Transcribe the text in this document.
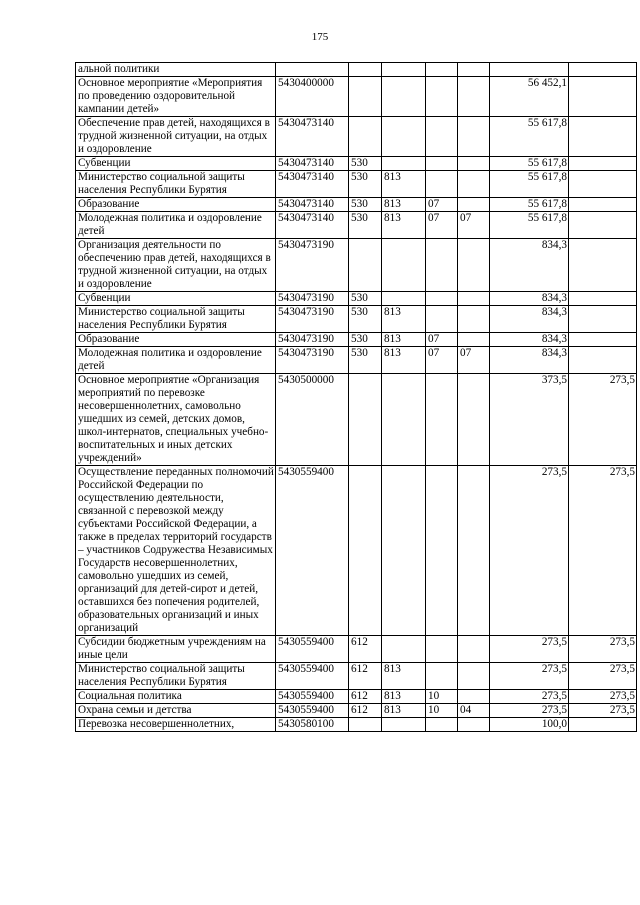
175
альной политики							
Основное мероприятие «Мероприятия по проведению оздоровительной кампании детей»	5430400000					56 452,1	
Обеспечение прав детей, находящихся в трудной жизненной ситуации, на отдых и оздоровление	5430473140					55 617,8	
Субвенции	5430473140	530				55 617,8	
Министерство социальной защиты населения Республики Бурятия	5430473140	530	813			55 617,8	
Образование	5430473140	530	813	07		55 617,8	
Молодежная политика и оздоровление детей	5430473140	530	813	07	07	55 617,8	
Организация деятельности по обеспечению прав детей, находящихся в трудной жизненной ситуации, на отдых и оздоровление	5430473190					834,3	
Субвенции	5430473190	530				834,3	
Министерство социальной защиты населения Республики Бурятия	5430473190	530	813			834,3	
Образование	5430473190	530	813	07		834,3	
Молодежная политика и оздоровление детей	5430473190	530	813	07	07	834,3	
Основное мероприятие «Организация мероприятий по перевозке несовершеннолетних, самовольно ушедших из семей, детских домов, школ-интернатов, специальных учебно-воспитательных и иных детских учреждений»	5430500000					373,5	273,5
Осуществление переданных полномочий Российской Федерации по осуществлению деятельности, связанной с перевозкой между субъектами Российской Федерации, а также в пределах территорий государств – участников Содружества Независимых Государств несовершеннолетних, самовольно ушедших из семей, организаций для детей-сирот и детей, оставшихся без попечения родителей, образовательных организаций и иных организаций	5430559400					273,5	273,5
Субсидии бюджетным учреждениям на иные цели	5430559400	612				273,5	273,5
Министерство социальной защиты населения Республики Бурятия	5430559400	612	813			273,5	273,5
Социальная политика	5430559400	612	813	10		273,5	273,5
Охрана семьи и детства	5430559400	612	813	10	04	273,5	273,5
Перевозка несовершеннолетних,	5430580100					100,0	
